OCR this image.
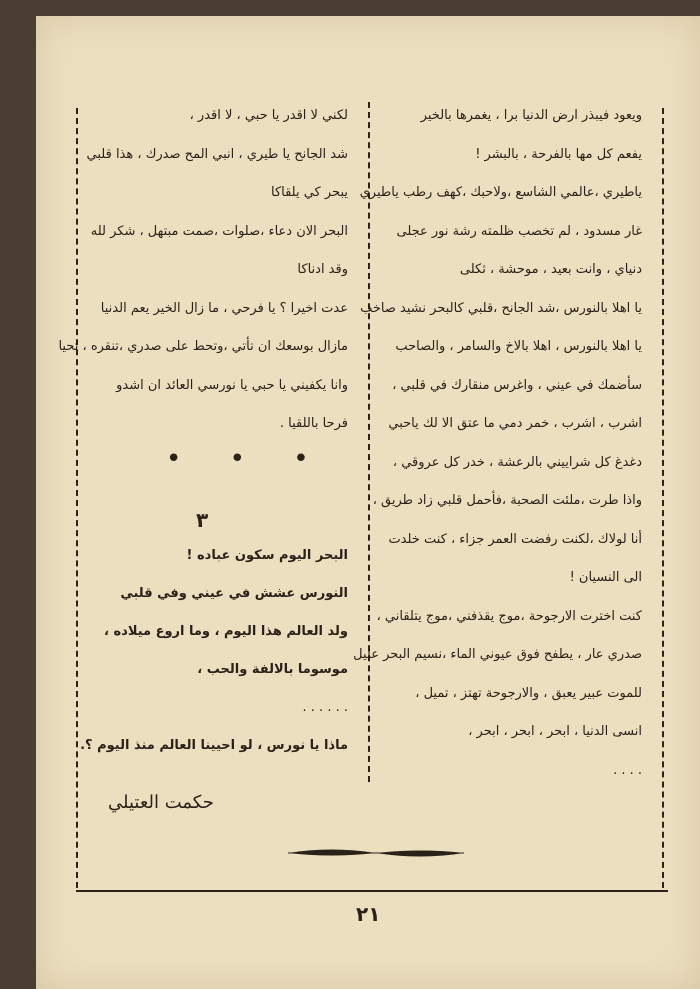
ويعود فيبذر ارض الدنيا برا ، يغمرها بالخير
يفعم كل مها بالفرحة ، بالبشر !
ياطيري ،عالمي الشاسع ،ولاحبك ،كهف رطب ياطيري
غار مسدود ، لم تخصب ظلمته رشة نور عجلى
دنياي ، وانت بعيد ، موحشة ، ثكلى
يا اهلا بالنورس ،شد الجانح ،قلبي كالبحر نشيد صاخب
يا اهلا بالنورس ، اهلا بالاخ والسامر ، والصاحب
سأضمك في عيني ، واغرس منقارك في قلبي ،
اشرب ، اشرب ، خمر دمي ما عتق الا لك ياحبي
دغدغ كل شراييني بالرعشة ، خدر كل عروقي ،
واذا طرت ،ملئت الصحبة ،فأحمل قلبي زاد طريق ،
أنا لولاك ،لكنت رفضت العمر جزاء ، كنت خلدت
الى النسيان !
كنت اخترت الارجوحة ،موج يقذفني ،موج يتلقاني ،
صدري عار ، يطفح فوق عيوني الماء ،نسيم البحر عليل
للموت عبير يعبق ، والارجوحة تهتز ، تميل ،
انسى الدنيا ، ابحر ، ابحر ، ابحر ،
. . . .
لكني لا اقدر يا حبي ، لا اقدر ،
شد الجانح يا طيري ، انبي المح صدرك ، هذا قلبي
يبحر كي يلقاكا
البحر الان دعاء ،صلوات ،صمت مبتهل ، شكر لله
وقد ادناكا
عدت اخيرا ؟ يا فرحي ، ما زال الخير يعم الدنيا
مازال بوسعك ان تأتي ،وتحط على صدري ،تنقره ، تحيا
وانا يكفيني يا حبي يا نورسي العائد ان اشدو
فرحا باللقيا .
• • •
٣
البحر اليوم سكون عباده !
النورس عشش في عيني وفي قلبي
ولد العالم هذا اليوم ، وما اروع ميلاده ،
موسوما بالالفة والحب ،
. . . . . .
ماذا يا نورس ، لو احيينا العالم منذ اليوم ؟.
حكمت العتيلي
٢١
